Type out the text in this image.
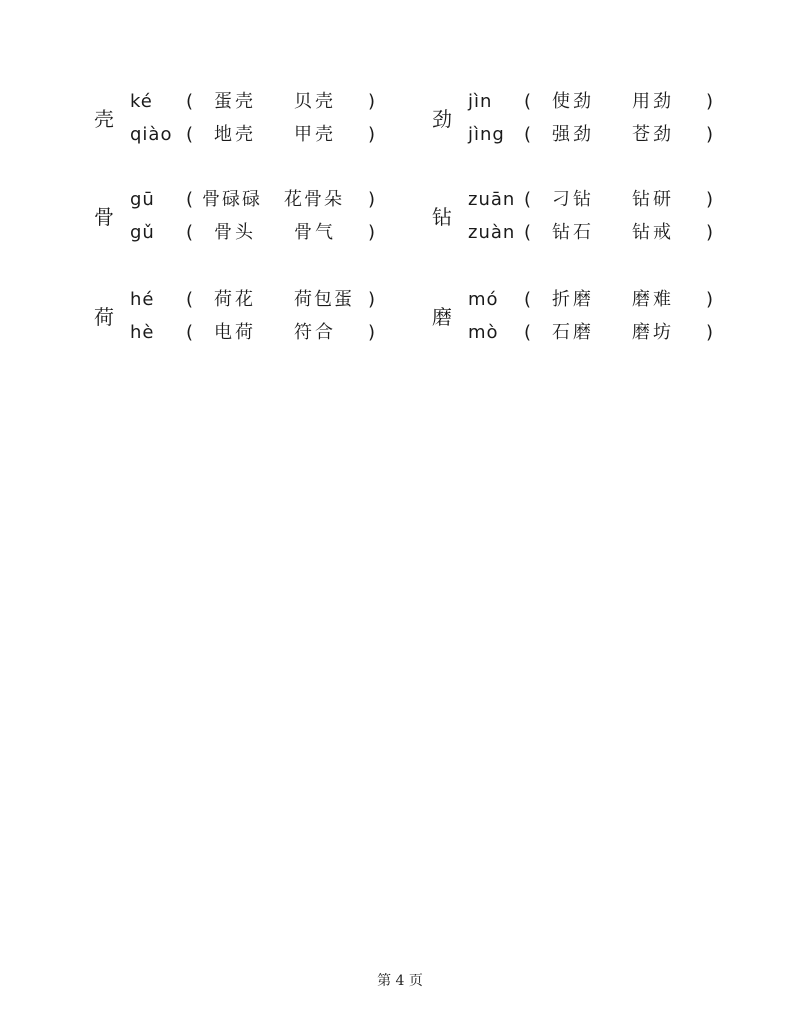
壳
ké ( 蛋壳 贝壳 )
qiào ( 地壳 甲壳 )
劲
jìn ( 使劲 用劲 )
jìng ( 强劲 苍劲 )
骨
gū ( 骨碌碌 花骨朵 )
gǔ ( 骨头 骨气 )
钻
zuān ( 刁钻 钻研 )
zuàn ( 钻石 钻戒 )
荷
hé ( 荷花 荷包蛋 )
hè ( 电荷 符合 )
磨
mó ( 折磨 磨难 )
mò ( 石磨 磨坊 )
第 4 页
